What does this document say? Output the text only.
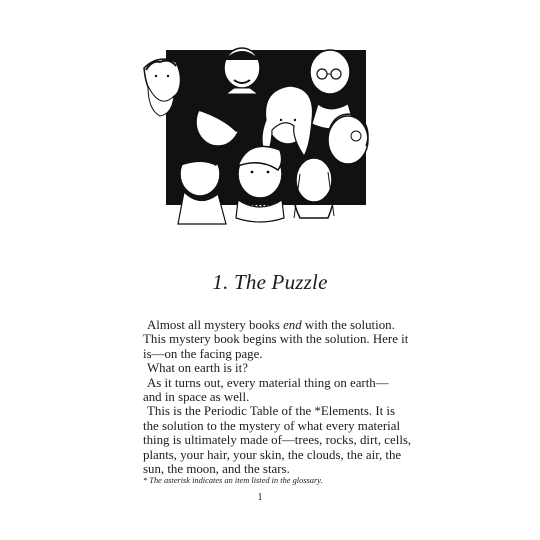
1. The Puzzle

Almost all mystery books end with the solution.

This mystery book begins with the solution. Here it

is—on the facing page.

What on earth is it?

As it turns out, every material thing on earth—

and in space as well.

This is the Periodic Table of the *Elements. It is

the solution to the mystery of what every material

thing is ultimately made of—trees, rocks, dirt, cells,

plants, your hair, your skin, the clouds, the air, the

sun, the moon, and the stars.

* The asterisk indicates an item listed in the glossary.
1
